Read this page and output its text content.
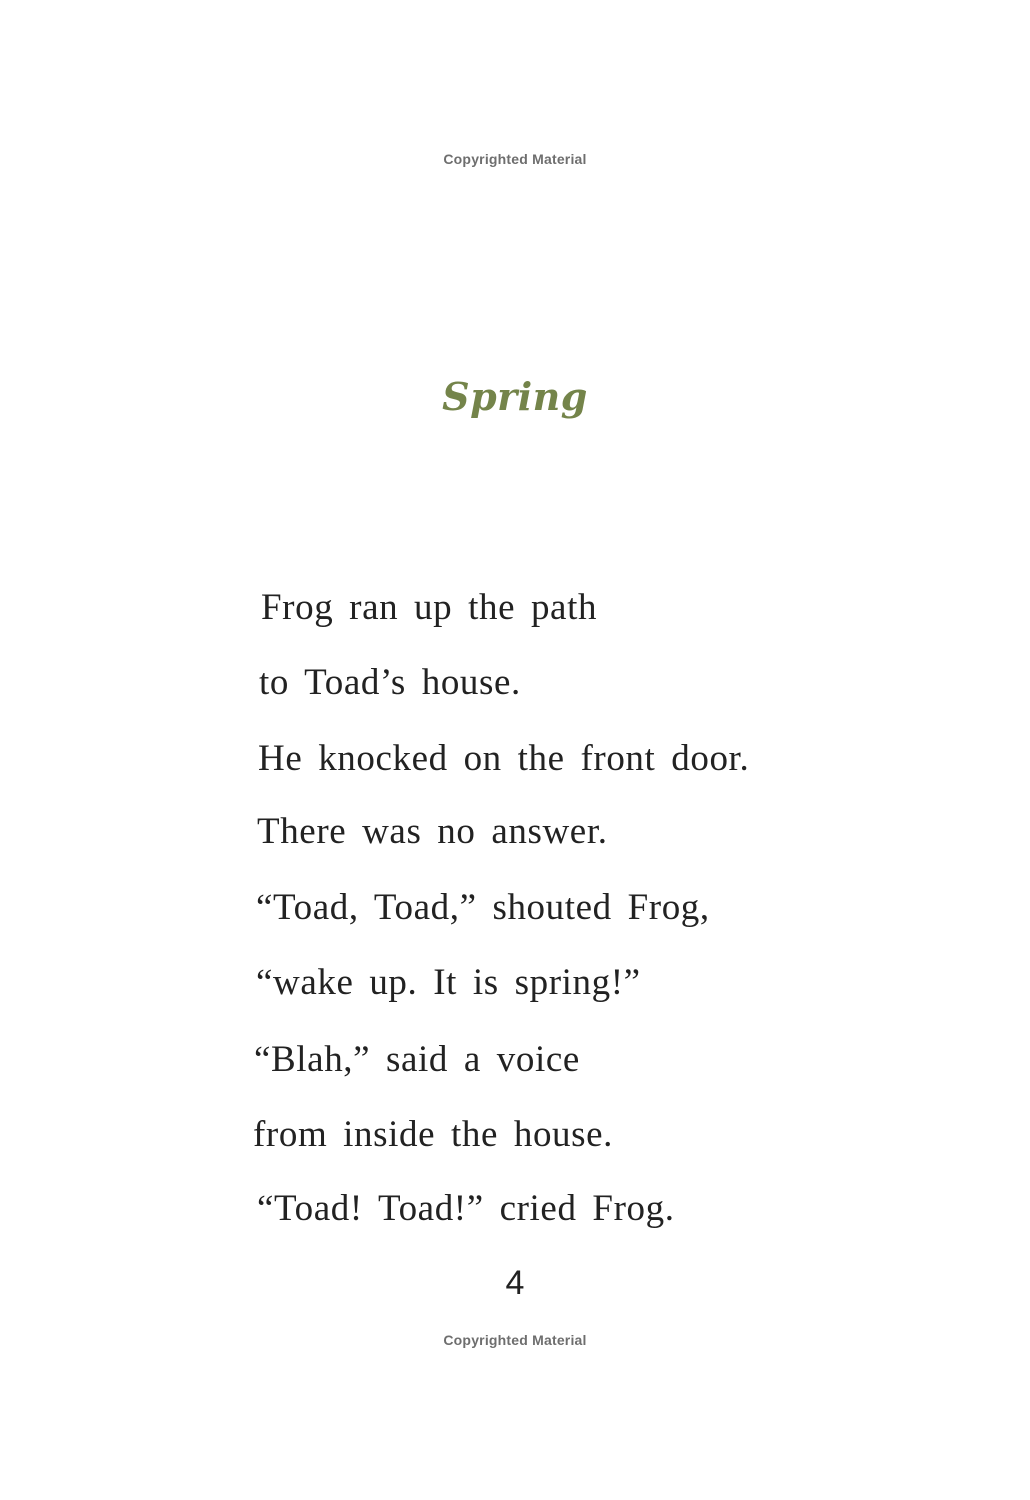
Copyrighted Material
Spring
Frog ran up the path
to Toad’s house.
He knocked on the front door.
There was no answer.
“Toad, Toad,” shouted Frog,
“wake up. It is spring!”
“Blah,” said a voice
from inside the house.
“Toad! Toad!” cried Frog.
4
Copyrighted Material
